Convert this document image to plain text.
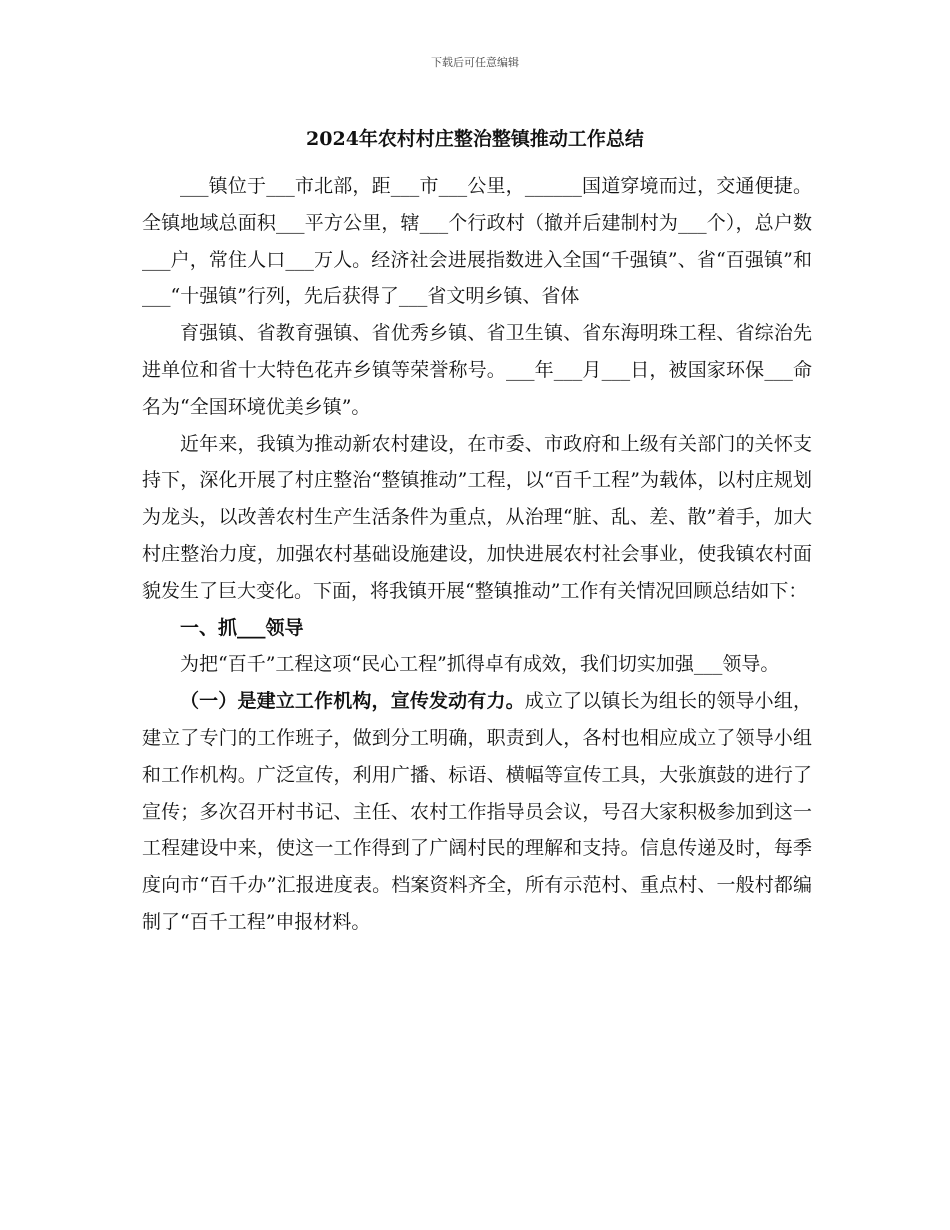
下载后可任意编辑
2024年农村村庄整治整镇推动工作总结

___镇位于___市北部，距___市___公里，______国道穿境而过，交通便捷。全镇地域总面积___平方公里，辖___个行政村（撤并后建制村为___个），总户数___户，常住人口___万人。经济社会进展指数进入全国“千强镇”、省“百强镇”和___“十强镇”行列，先后获得了___省文明乡镇、省体

育强镇、省教育强镇、省优秀乡镇、省卫生镇、省东海明珠工程、省综治先进单位和省十大特色花卉乡镇等荣誉称号。___年___月___日，被国家环保___命名为“全国环境优美乡镇”。

近年来，我镇为推动新农村建设，在市委、市政府和上级有关部门的关怀支持下，深化开展了村庄整治“整镇推动”工程，以“百千工程”为载体，以村庄规划为龙头，以改善农村生产生活条件为重点，从治理“脏、乱、差、散”着手，加大村庄整治力度，加强农村基础设施建设，加快进展农村社会事业，使我镇农村面貌发生了巨大变化。下面，将我镇开展“整镇推动”工作有关情况回顾总结如下：

一、抓___领导

为把“百千”工程这项“民心工程”抓得卓有成效，我们切实加强___领导。

（一）是建立工作机构，宣传发动有力。成立了以镇长为组长的领导小组，建立了专门的工作班子，做到分工明确，职责到人，各村也相应成立了领导小组和工作机构。广泛宣传，利用广播、标语、横幅等宣传工具，大张旗鼓的进行了宣传；多次召开村书记、主任、农村工作指导员会议，号召大家积极参加到这一工程建设中来，使这一工作得到了广阔村民的理解和支持。信息传递及时，每季度向市“百千办”汇报进度表。档案资料齐全，所有示范村、重点村、一般村都编制了“百千工程”申报材料。
